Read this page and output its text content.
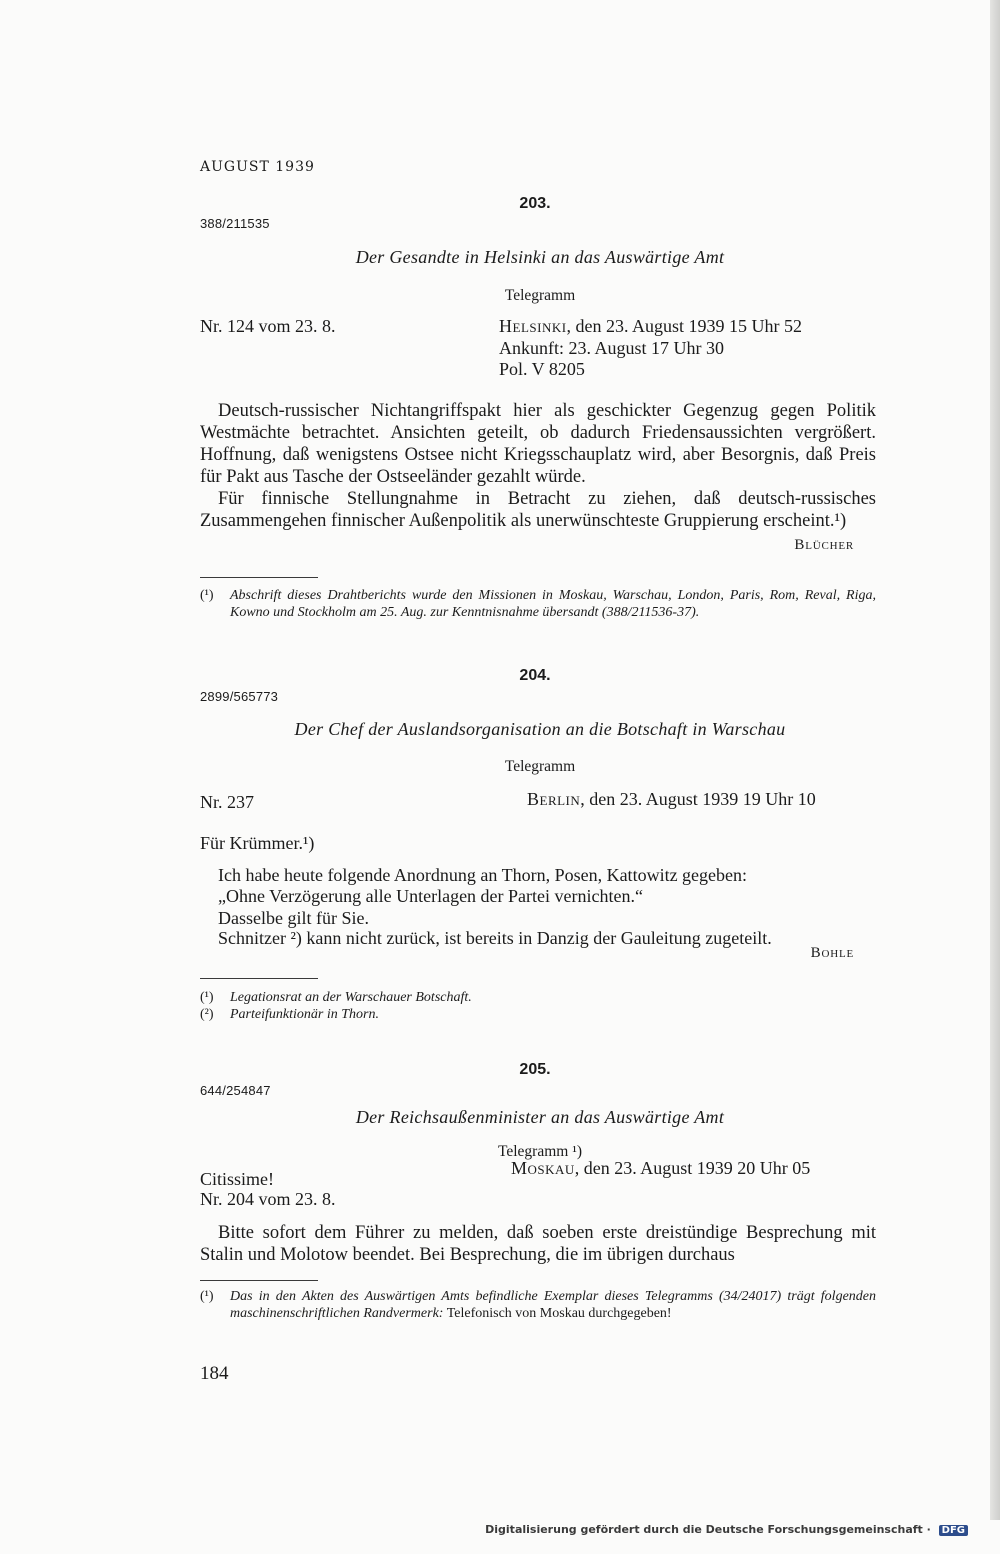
AUGUST 1939
203.
388/211535
Der Gesandte in Helsinki an das Auswärtige Amt
Telegramm
Nr. 124 vom 23. 8.	Helsinki, den 23. August 1939 15 Uhr 52
Ankunft: 23. August 17 Uhr 30
Pol. V 8205

Deutsch-russischer Nichtangriffspakt hier als geschickter Gegenzug gegen Politik Westmächte betrachtet. Ansichten geteilt, ob dadurch Friedensaussichten vergrößert. Hoffnung, daß wenigstens Ostsee nicht Kriegsschauplatz wird, aber Besorgnis, daß Preis für Pakt aus Tasche der Ostseeländer gezahlt würde.

Für finnische Stellungnahme in Betracht zu ziehen, daß deutsch-russisches Zusammengehen finnischer Außenpolitik als unerwünschteste Gruppierung erscheint.¹)

Blücher
(¹) Abschrift dieses Drahtberichts wurde den Missionen in Moskau, Warschau, London, Paris, Rom, Reval, Riga, Kowno und Stockholm am 25. Aug. zur Kenntnisnahme übersandt (388/211536-37).
204.
2899/565773
Der Chef der Auslandsorganisation an die Botschaft in Warschau
Telegramm
Nr. 237	Berlin, den 23. August 1939 19 Uhr 10
Für Krümmer.¹)
Ich habe heute folgende Anordnung an Thorn, Posen, Kattowitz gegeben:
„Ohne Verzögerung alle Unterlagen der Partei vernichten.“
Dasselbe gilt für Sie.
Schnitzer ²) kann nicht zurück, ist bereits in Danzig der Gauleitung zugeteilt.
Bohle
(¹) Legationsrat an der Warschauer Botschaft.
(²) Parteifunktionär in Thorn.
205.
644/254847
Der Reichsaußenminister an das Auswärtige Amt
Telegramm ¹)
Citissime!
Moskau, den 23. August 1939 20 Uhr 05
Nr. 204 vom 23. 8.

Bitte sofort dem Führer zu melden, daß soeben erste dreistündige Besprechung mit Stalin und Molotow beendet. Bei Besprechung, die im übrigen durchaus

(¹) Das in den Akten des Auswärtigen Amts befindliche Exemplar dieses Telegramms (34/24017) trägt folgenden maschinenschriftlichen Randvermerk: Telefonisch von Moskau durchgegeben!
184
Digitalisierung gefördert durch die Deutsche Forschungsgemeinschaft · DFG
